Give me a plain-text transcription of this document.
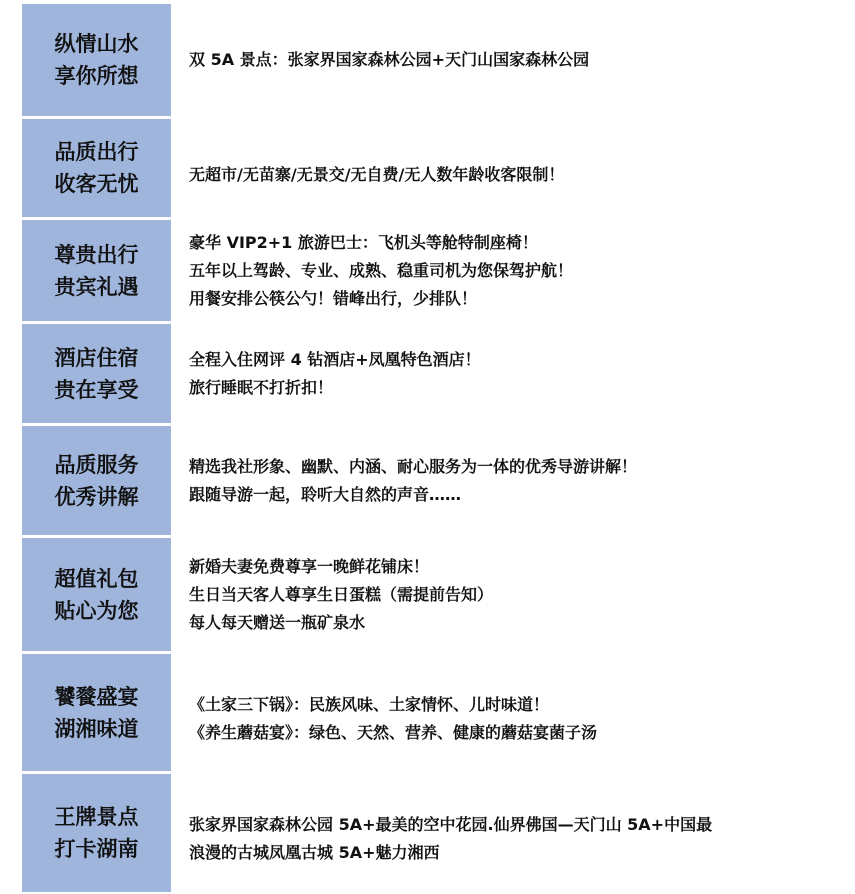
纵情山水
享你所想
双 5A 景点：张家界国家森林公园+天门山国家森林公园
品质出行
收客无忧	无超市/无苗寨/无景交/无自费/无人数年龄收客限制！
尊贵出行
贵宾礼遇
豪华 VIP2+1 旅游巴士：飞机头等舱特制座椅！
五年以上驾龄、专业、成熟、稳重司机为您保驾护航！
用餐安排公筷公勺！错峰出行，少排队！
酒店住宿
贵在享受
全程入住网评 4 钻酒店+凤凰特色酒店！
旅行睡眠不打折扣！
品质服务
优秀讲解
精选我社形象、幽默、内涵、耐心服务为一体的优秀导游讲解！
跟随导游一起，聆听大自然的声音……
超值礼包
贴心为您
新婚夫妻免费尊享一晚鲜花铺床！
生日当天客人尊享生日蛋糕（需提前告知）
每人每天赠送一瓶矿泉水
饕餮盛宴
湖湘味道
《土家三下锅》：民族风味、土家情怀、儿时味道！
《养生蘑菇宴》：绿色、天然、营养、健康的蘑菇宴菌子汤
王牌景点
打卡湖南
张家界国家森林公园 5A+最美的空中花园.仙界佛国—天门山 5A+中国最
浪漫的古城凤凰古城 5A+魅力湘西
